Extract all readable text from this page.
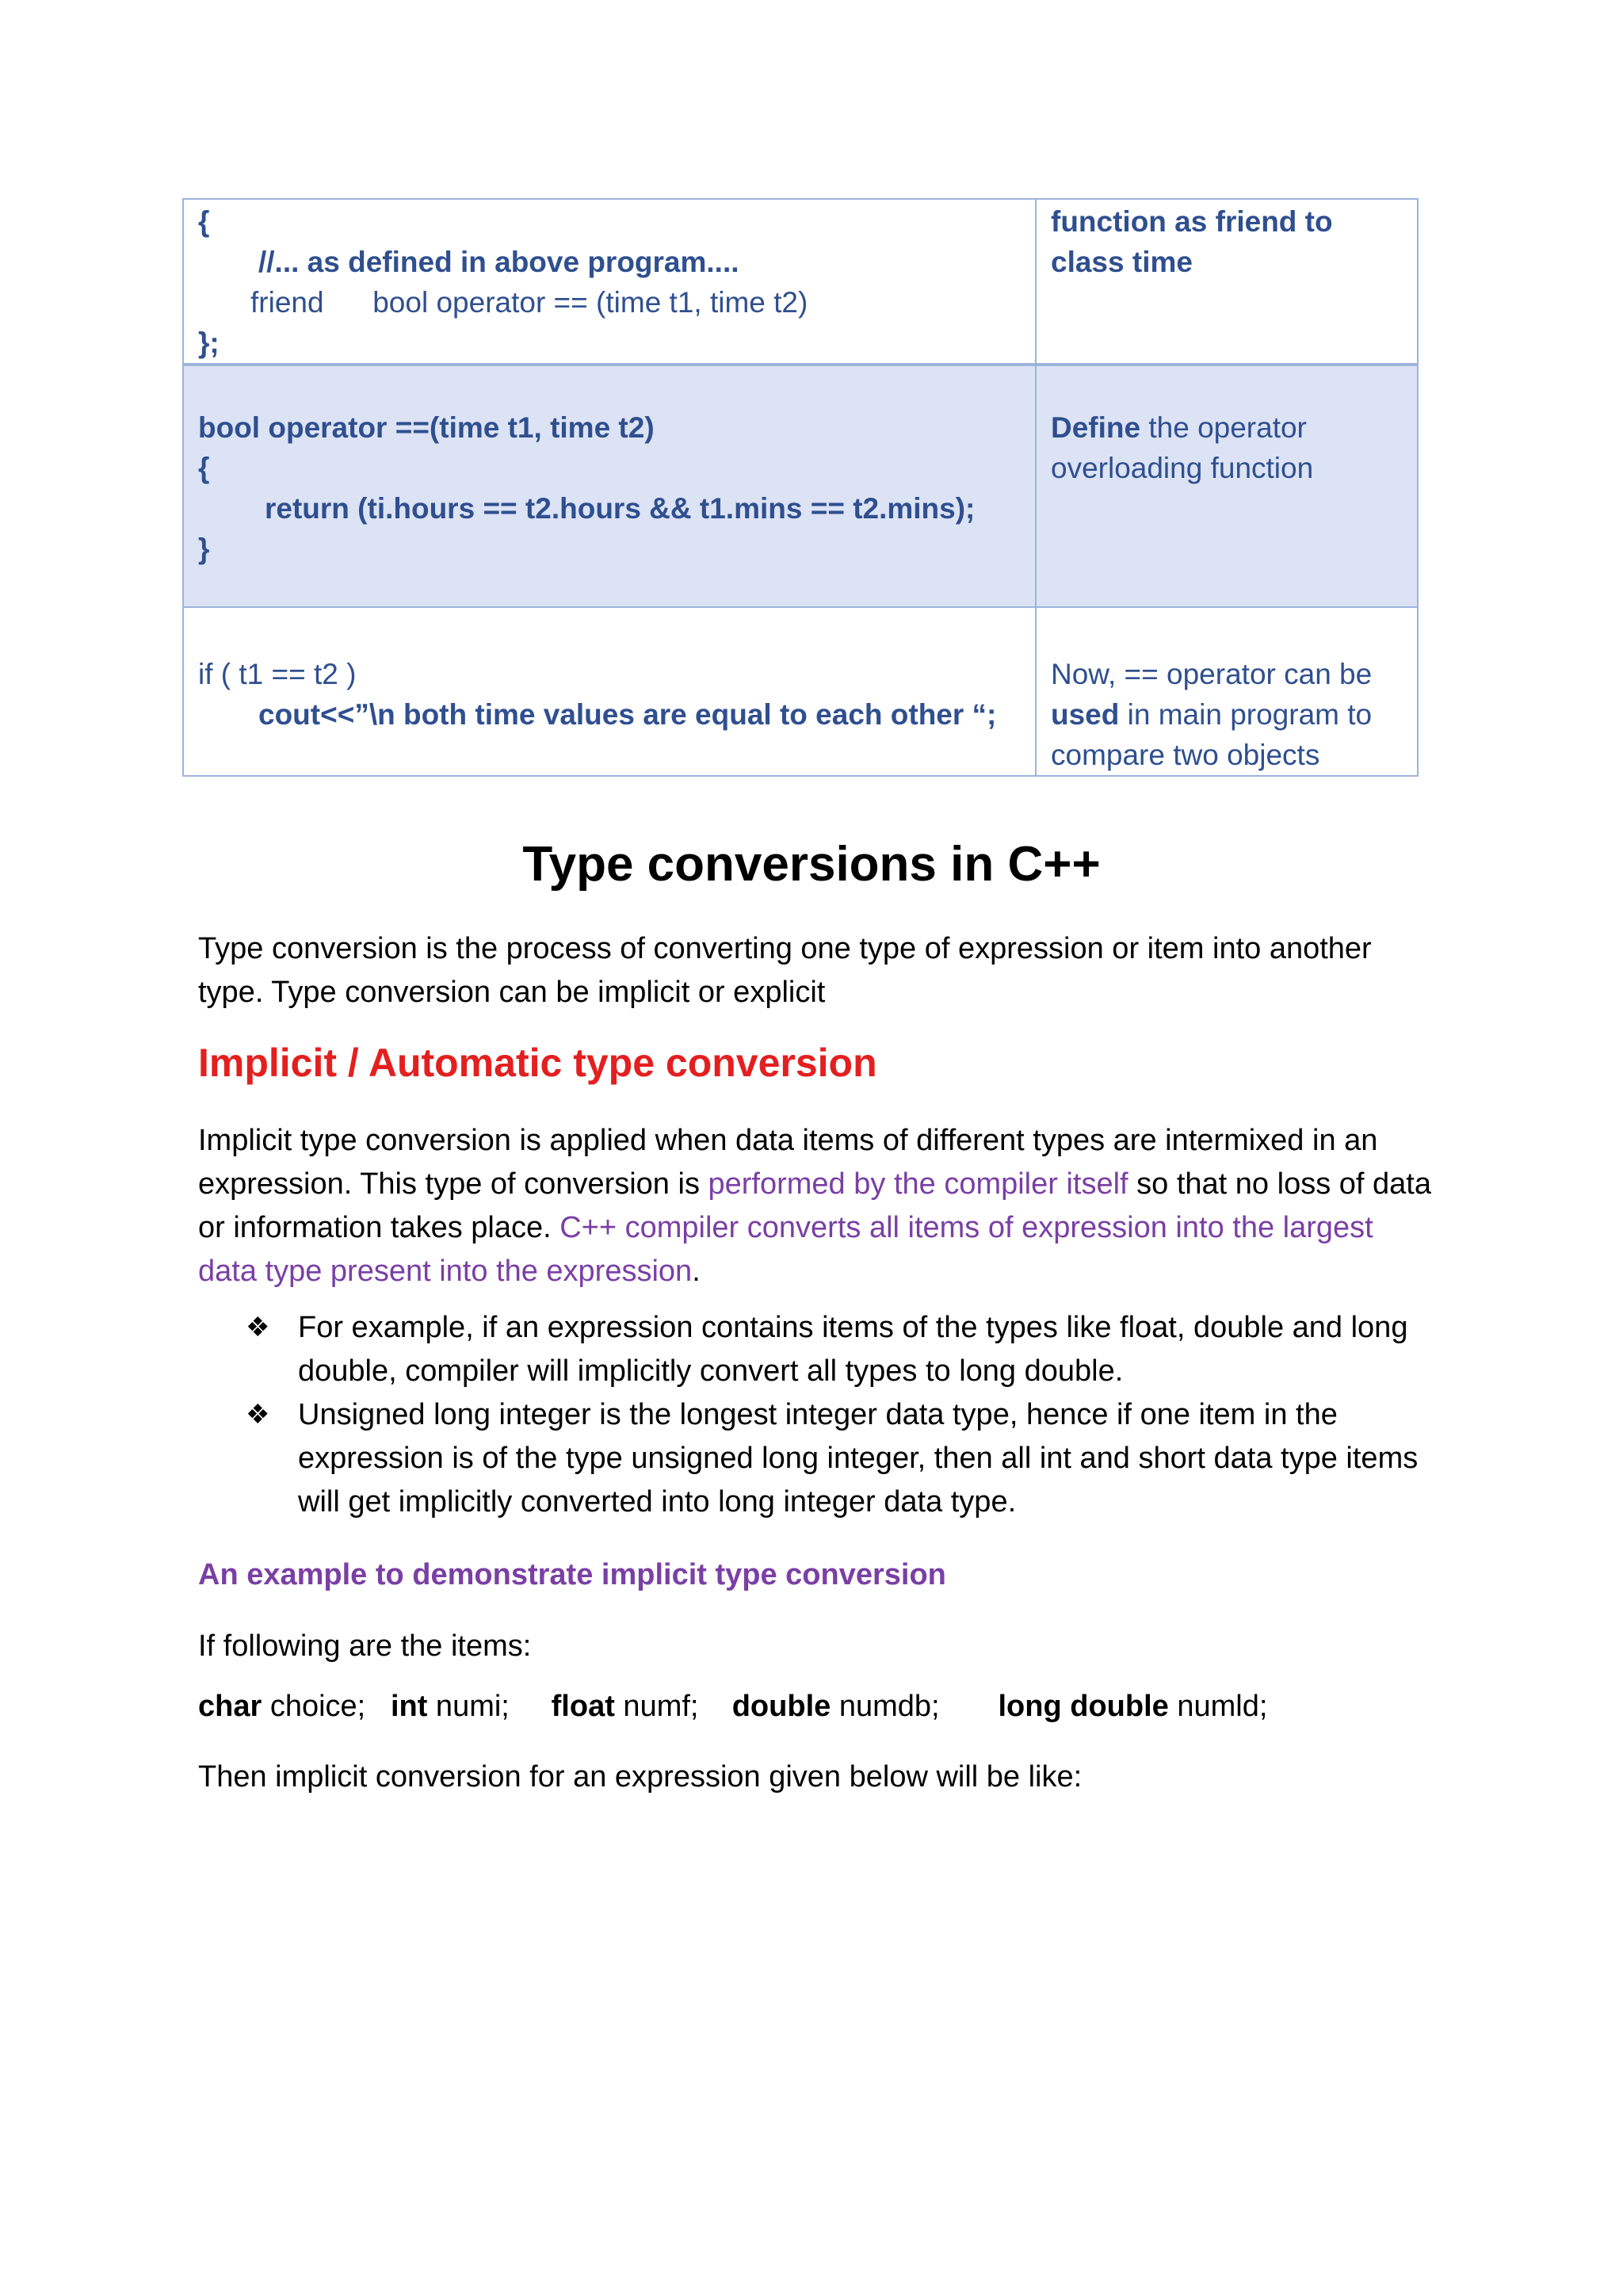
{
//... as defined in above program....
friend      bool operator == (time t1, time t2)
};	function as friend to class time

bool operator ==(time t1, time t2)
{
return (ti.hours == t2.hours && t1.mins == t2.mins);
}	Define the operator overloading function

if ( t1 == t2 )
cout<<”\n both time values are equal to each other “;	Now, == operator can be used in main program to compare two objects
Type conversions in C++

Type conversion is the process of converting one type of expression or item into another type. Type conversion can be implicit or explicit

Implicit / Automatic type conversion

Implicit type conversion is applied when data items of different types are intermixed in an expression. This type of conversion is performed by the compiler itself so that no loss of data or information takes place. C++ compiler converts all items of expression into the largest data type present into the expression.

❖ For example, if an expression contains items of the types like float, double and long double, compiler will implicitly convert all types to long double.
❖ Unsigned long integer is the longest integer data type, hence if one item in the expression is of the type unsigned long integer, then all int and short data type items will get implicitly converted into long integer data type.
An example to demonstrate implicit type conversion

If following are the items:

char choice; int numi; float numf; double numdb; long double numld;

Then implicit conversion for an expression given below will be like:
